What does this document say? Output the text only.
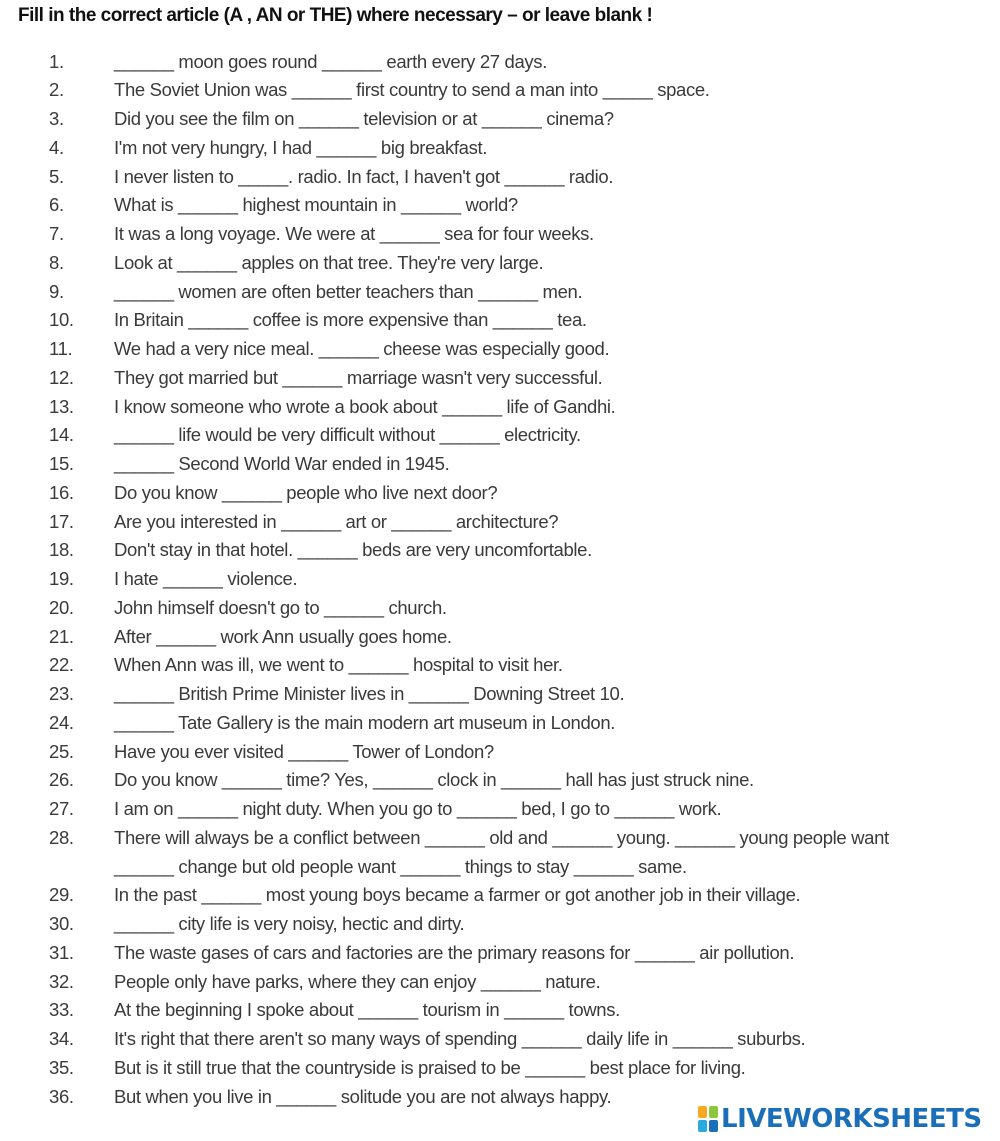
Fill in the correct article (A , AN or THE) where necessary – or leave blank !
1.	______ moon goes round ______ earth every 27 days.
2.	The Soviet Union was ______ first country to send a man into _____ space.
3.	Did you see the film on ______ television or at ______ cinema?
4.	I'm not very hungry, I had ______ big breakfast.
5.	I never listen to _____. radio. In fact, I haven't got ______ radio.
6.	What is ______ highest mountain in ______ world?
7.	It was a long voyage. We were at ______ sea for four weeks.
8.	Look at ______ apples on that tree. They're very large.
9.	______ women are often better teachers than ______ men.
10. In Britain ______ coffee is more expensive than ______ tea.
11. We had a very nice meal. ______ cheese was especially good.
12. They got married but ______ marriage wasn't very successful.
13. I know someone who wrote a book about ______ life of Gandhi.
14. ______ life would be very difficult without ______ electricity.
15. ______ Second World War ended in 1945.
16. Do you know ______ people who live next door?
17. Are you interested in ______ art or ______ architecture?
18. Don't stay in that hotel. ______ beds are very uncomfortable.
19. I hate ______ violence.
20. John himself doesn't go to ______ church.
21. After ______ work Ann usually goes home.
22. When Ann was ill, we went to ______ hospital to visit her.
23. ______ British Prime Minister lives in ______ Downing Street 10.
24. ______ Tate Gallery is the main modern art museum in London.
25. Have you ever visited ______ Tower of London?
26. Do you know ______ time? Yes, ______ clock in ______ hall has just struck nine.
27. I am on ______ night duty. When you go to ______ bed, I go to ______ work.
28. There will always be a conflict between ______ old and ______ young. ______ young people want
______ change but old people want ______ things to stay ______ same.
29. In the past ______ most young boys became a farmer or got another job in their village.
30. ______ city life is very noisy, hectic and dirty.
31. The waste gases of cars and factories are the primary reasons for ______ air pollution.
32. People only have parks, where they can enjoy ______ nature.
33. At the beginning I spoke about ______ tourism in ______ towns.
34. It's right that there aren't so many ways of spending ______ daily life in ______ suburbs.
35. But is it still true that the countryside is praised to be ______ best place for living.
36. But when you live in ______ solitude you are not always happy.
LIVEWORKSHEETS
